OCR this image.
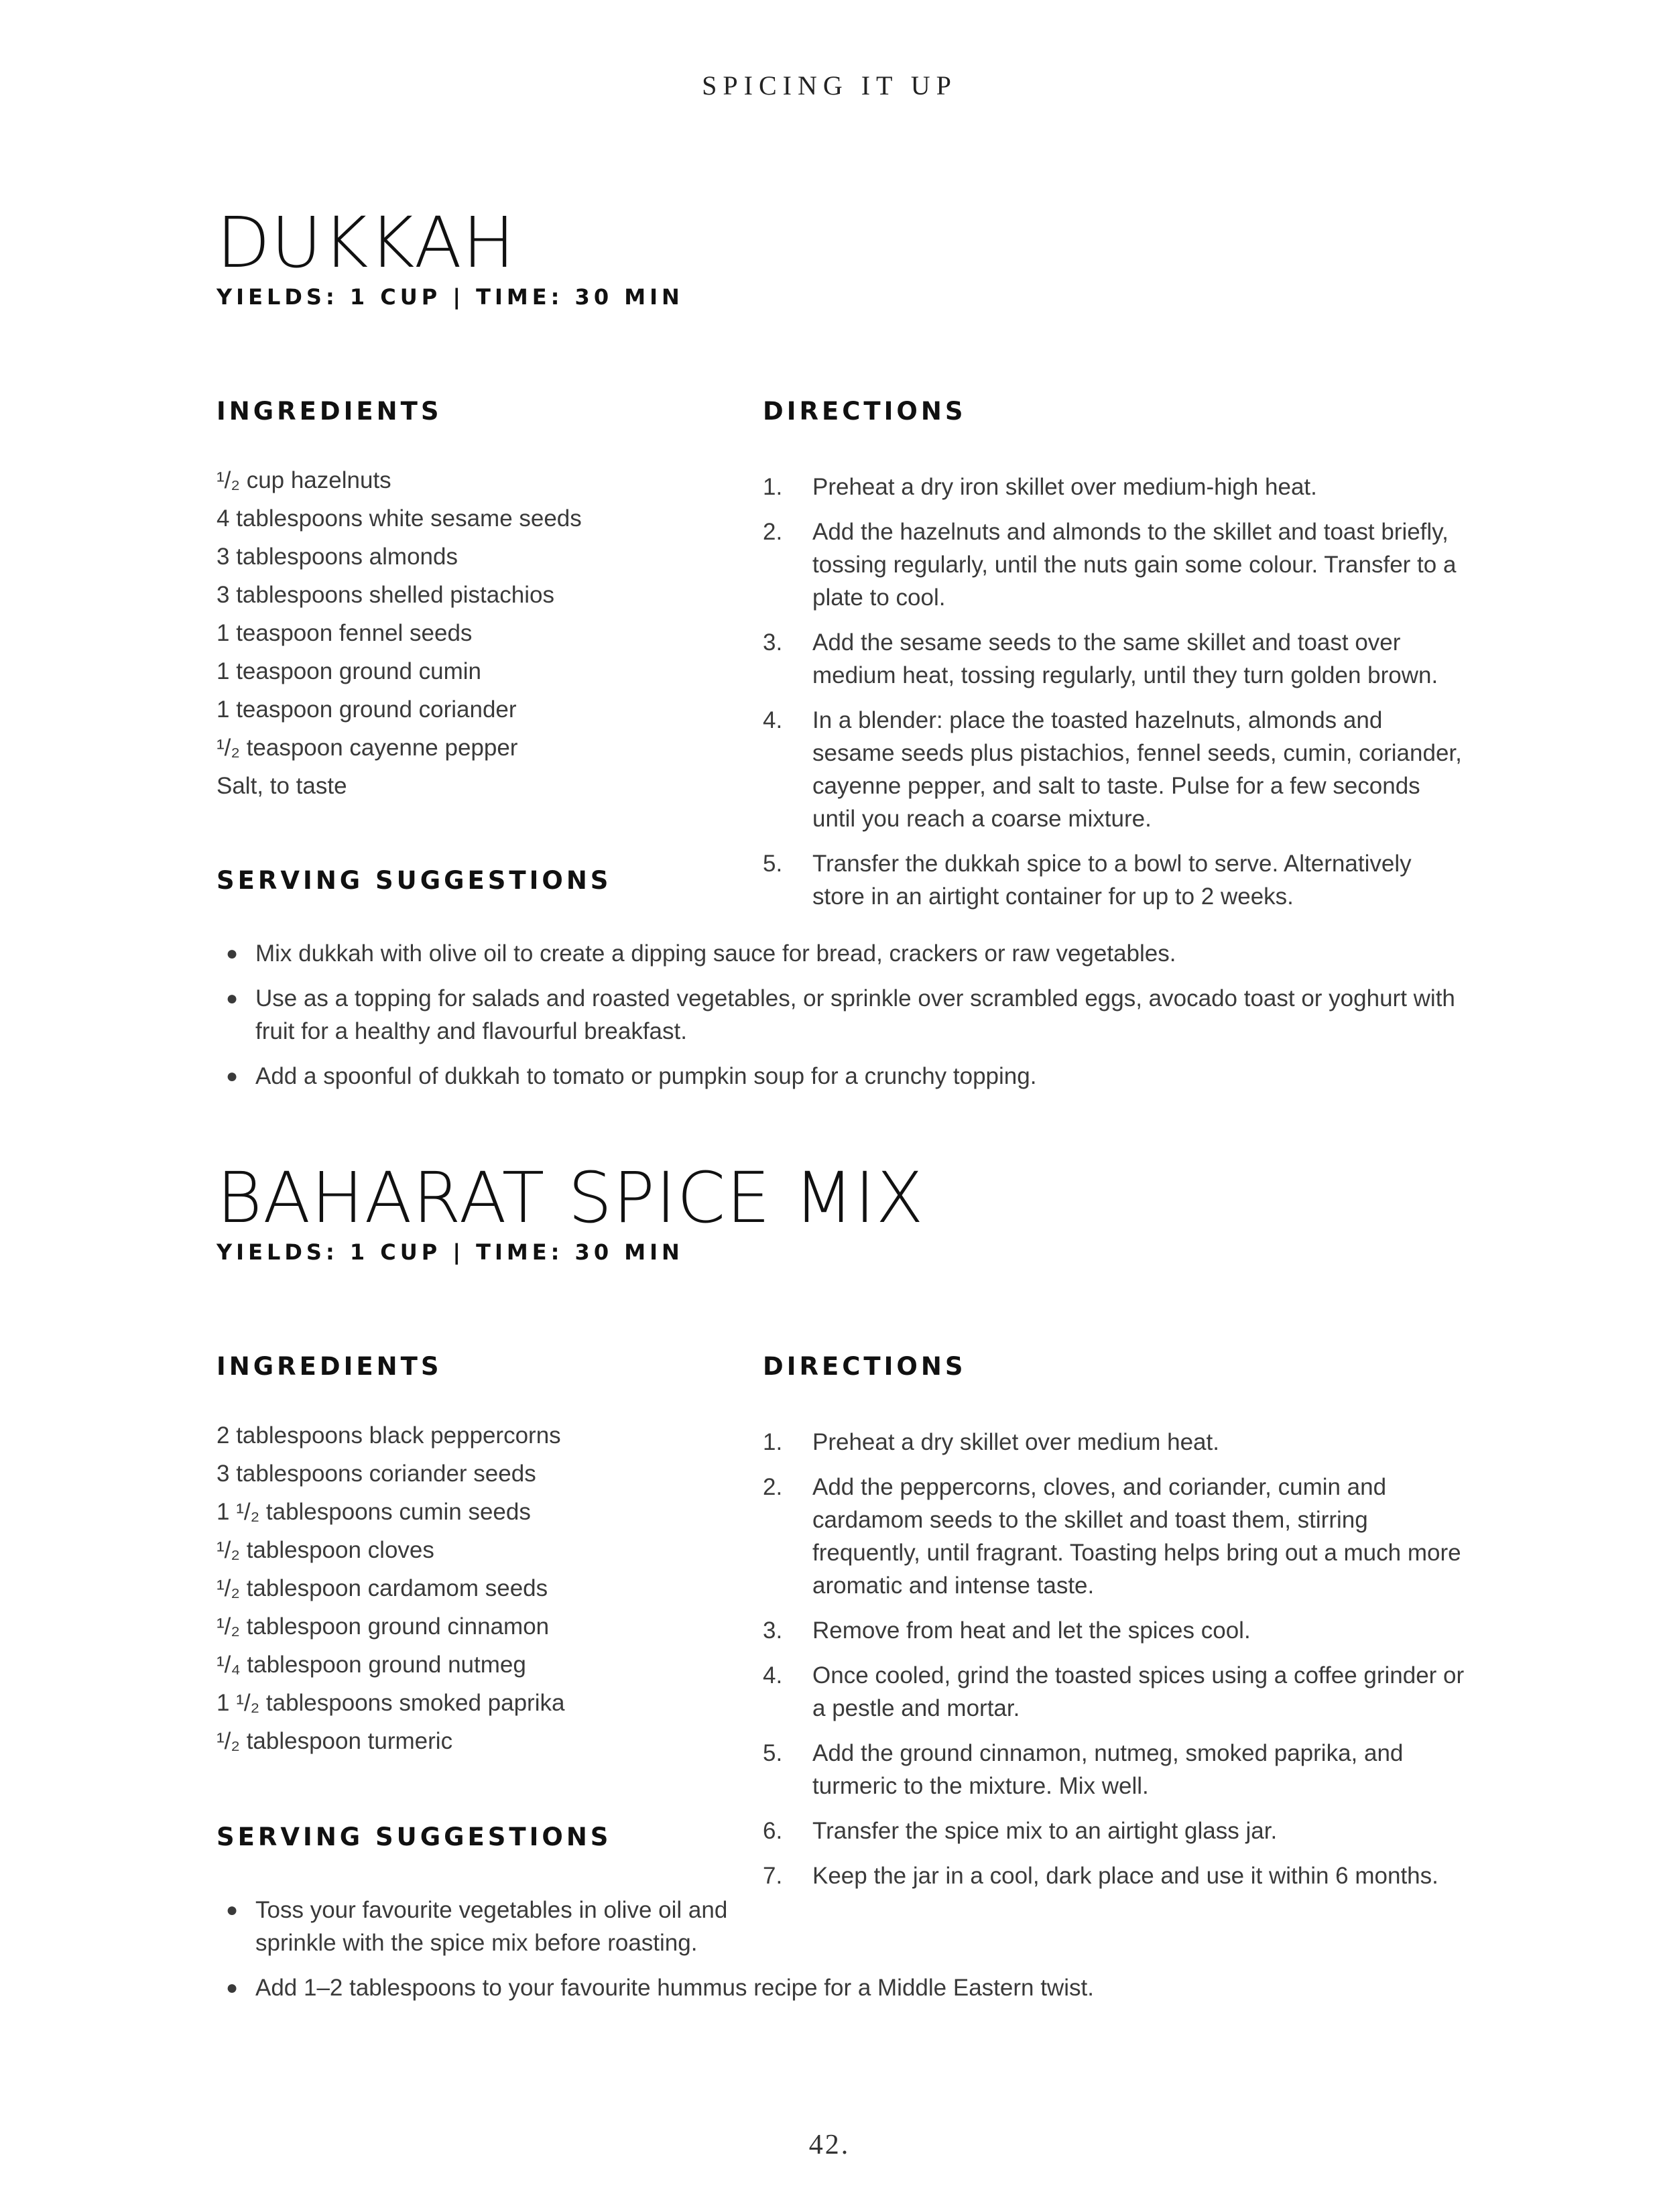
SPICING IT UP
DUKKAH
YIELDS: 1 CUP | TIME: 30 MIN
INGREDIENTS	DIRECTIONS
¹/₂ cup hazelnuts
4 tablespoons white sesame seeds
3 tablespoons almonds
3 tablespoons shelled pistachios
1 teaspoon fennel seeds
1 teaspoon ground cumin
1 teaspoon ground coriander
¹/₂ teaspoon cayenne pepper
Salt, to taste
1.	Preheat a dry iron skillet over medium-high heat.
2.	Add the hazelnuts and almonds to the skillet and toast briefly, tossing regularly, until the nuts gain some colour. Transfer to a plate to cool.
3.	Add the sesame seeds to the same skillet and toast over medium heat, tossing regularly, until they turn golden brown.
4.	In a blender: place the toasted hazelnuts, almonds and sesame seeds plus pistachios, fennel seeds, cumin, coriander, cayenne pepper, and salt to taste. Pulse for a few seconds until you reach a coarse mixture.
5.	Transfer the dukkah spice to a bowl to serve. Alternatively store in an airtight container for up to 2 weeks.
SERVING SUGGESTIONS
● Mix dukkah with olive oil to create a dipping sauce for bread, crackers or raw vegetables.
● Use as a topping for salads and roasted vegetables, or sprinkle over scrambled eggs, avocado toast or yoghurt with fruit for a healthy and flavourful breakfast.
● Add a spoonful of dukkah to tomato or pumpkin soup for a crunchy topping.
BAHARAT SPICE MIX
YIELDS: 1 CUP | TIME: 30 MIN
INGREDIENTS	DIRECTIONS
2 tablespoons black peppercorns
3 tablespoons coriander seeds
1 ¹/₂ tablespoons cumin seeds
¹/₂ tablespoon cloves
¹/₂ tablespoon cardamom seeds
¹/₂ tablespoon ground cinnamon
¹/₄ tablespoon ground nutmeg
1 ¹/₂ tablespoons smoked paprika
¹/₂ tablespoon turmeric
1.	Preheat a dry skillet over medium heat.
2.	Add the peppercorns, cloves, and coriander, cumin and cardamom seeds to the skillet and toast them, stirring frequently, until fragrant. Toasting helps bring out a much more aromatic and intense taste.
3.	Remove from heat and let the spices cool.
4.	Once cooled, grind the toasted spices using a coffee grinder or a pestle and mortar.
5.	Add the ground cinnamon, nutmeg, smoked paprika, and turmeric to the mixture. Mix well.
6.	Transfer the spice mix to an airtight glass jar.
7.	Keep the jar in a cool, dark place and use it within 6 months.
SERVING SUGGESTIONS
● Toss your favourite vegetables in olive oil and sprinkle with the spice mix before roasting.
● Add 1–2 tablespoons to your favourite hummus recipe for a Middle Eastern twist.
42.
